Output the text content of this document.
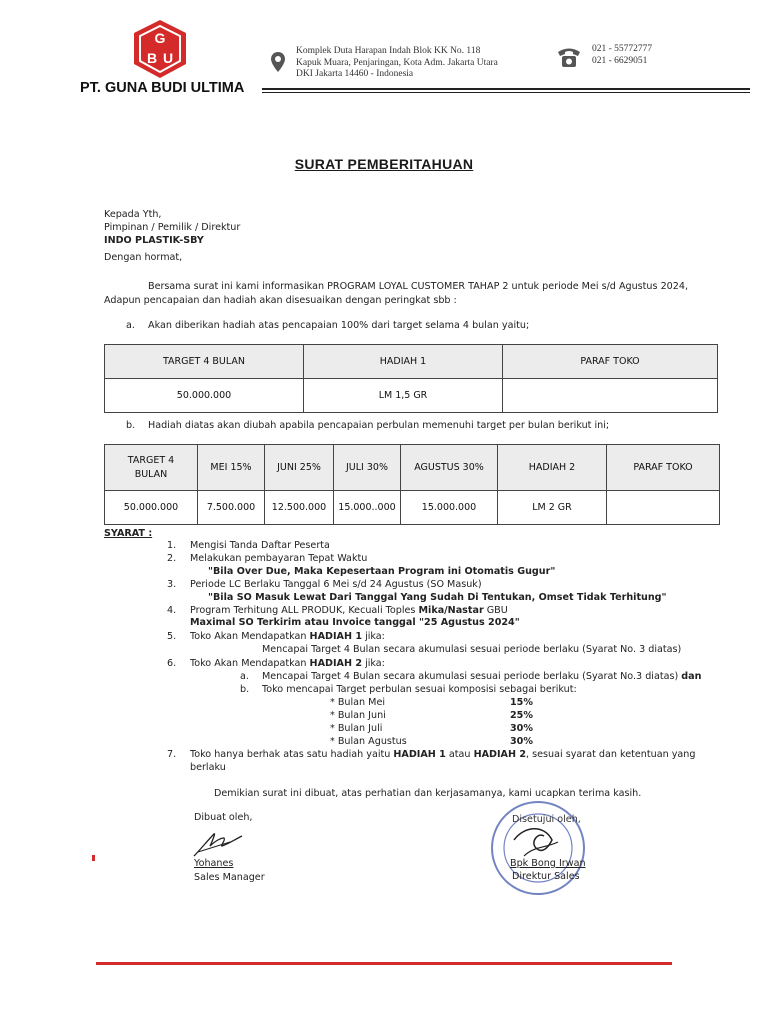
G
B U
PT. GUNA BUDI ULTIMA
Komplek Duta Harapan Indah Blok KK No. 118
Kapuk Muara, Penjaringan, Kota Adm. Jakarta Utara
DKI Jakarta 14460 - Indonesia
021 - 55772777
021 - 6629051
SURAT PEMBERITAHUAN
Kepada Yth,
Pimpinan / Pemilik / Direktur
INDO PLASTIK-SBY
Dengan hormat,
Bersama surat ini kami informasikan PROGRAM LOYAL CUSTOMER TAHAP 2 untuk periode Mei s/d Agustus 2024,
Adapun pencapaian dan hadiah akan disesuaikan dengan peringkat sbb :
a. Akan diberikan hadiah atas pencapaian 100% dari target selama 4 bulan yaitu;
TARGET 4 BULAN	HADIAH 1	PARAF TOKO
50.000.000	LM 1,5 GR	
b. Hadiah diatas akan diubah apabila pencapaian perbulan memenuhi target per bulan berikut ini;
TARGET 4
BULAN	MEI 15%	JUNI 25%	JULI 30%	AGUSTUS 30%	HADIAH 2	PARAF TOKO
50.000.000	7.500.000	12.500.000	15.000..000	15.000.000	LM 2 GR	
SYARAT :
1. Mengisi Tanda Daftar Peserta
2. Melakukan pembayaran Tepat Waktu
"Bila Over Due, Maka Kepesertaan Program ini Otomatis Gugur"
3. Periode LC Berlaku Tanggal 6 Mei s/d 24 Agustus (SO Masuk)
"Bila SO Masuk Lewat Dari Tanggal Yang Sudah Di Tentukan, Omset Tidak Terhitung"
4. Program Terhitung ALL PRODUK, Kecuali Toples Mika/Nastar GBU
Maximal SO Terkirim atau Invoice tanggal "25 Agustus 2024"
5. Toko Akan Mendapatkan HADIAH 1 jika:
Mencapai Target 4 Bulan secara akumulasi sesuai periode berlaku (Syarat No. 3 diatas)
6. Toko Akan Mendapatkan HADIAH 2 jika:
a. Mencapai Target 4 Bulan secara akumulasi sesuai periode berlaku (Syarat No.3 diatas) dan
b. Toko mencapai Target perbulan sesuai komposisi sebagai berikut:
* Bulan Mei	15%
* Bulan Juni	25%
* Bulan Juli	30%
* Bulan Agustus	30%
7. Toko hanya berhak atas satu hadiah yaitu HADIAH 1 atau HADIAH 2, sesuai syarat dan ketentuan yang
berlaku
Demikian surat ini dibuat, atas perhatian dan kerjasamanya, kami ucapkan terima kasih.
Dibuat oleh,
Yohanes
Sales Manager
Disetujui oleh,
Bpk Bong Irwan
Direktur Sales
